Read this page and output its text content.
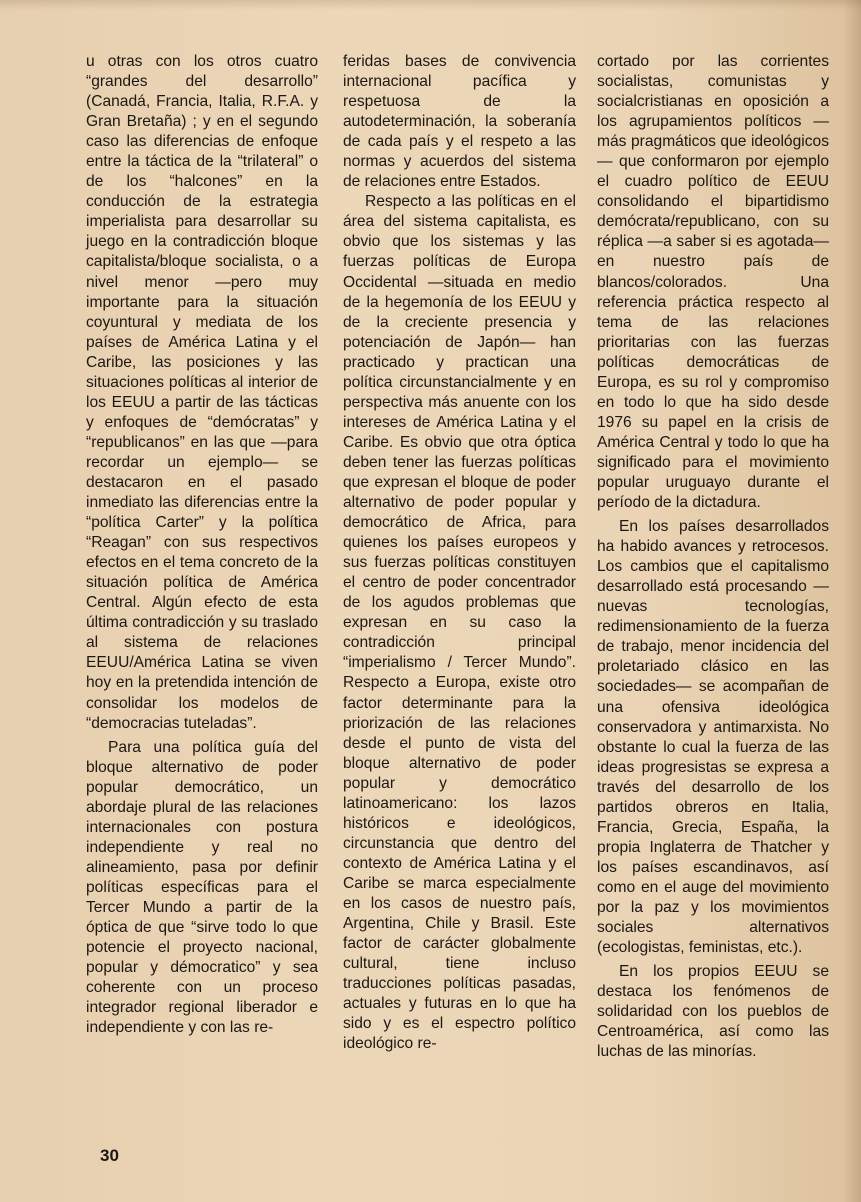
u otras con los otros cuatro “grandes del desarrollo” (Canadá, Francia, Italia, R.F.A. y Gran Bretaña) ; y en el segundo caso las diferencias de enfoque entre la táctica de la “trilateral” o de los “halcones” en la conducción de la estrategia imperialista para desarrollar su juego en la contradicción bloque capitalista/bloque socialista, o a nivel menor —pero muy importante para la situación coyuntural y mediata de los países de América Latina y el Caribe, las posiciones y las situaciones políticas al interior de los EEUU a partir de las tácticas y enfoques de “demócratas” y “republicanos” en las que —para recordar un ejemplo— se destacaron en el pasado inmediato las diferencias entre la “política Carter” y la política “Reagan” con sus respectivos efectos en el tema concreto de la situación política de América Central. Algún efecto de esta última contradicción y su traslado al sistema de relaciones EEUU/América Latina se viven hoy en la pretendida intención de consolidar los modelos de “democracias tuteladas”.

Para una política guía del bloque alternativo de poder popular democrático, un abordaje plural de las relaciones internacionales con postura independiente y real no alineamiento, pasa por definir políticas específicas para el Tercer Mundo a partir de la óptica de que “sirve todo lo que potencie el proyecto nacional, popular y démocratico” y sea coherente con un proceso integrador regional liberador e independiente y con las re-

feridas bases de convivencia internacional pacífica y respetuosa de la autodeterminación, la soberanía de cada país y el respeto a las normas y acuerdos del sistema de relaciones entre Estados.

Respecto a las políticas en el área del sistema capitalista, es obvio que los sistemas y las fuerzas políticas de Europa Occidental —situada en medio de la hegemonía de los EEUU y de la creciente presencia y potenciación de Japón— han practicado y practican una política circunstancialmente y en perspectiva más anuente con los intereses de América Latina y el Caribe. Es obvio que otra óptica deben tener las fuerzas políticas que expresan el bloque de poder alternativo de poder popular y democrático de Africa, para quienes los países europeos y sus fuerzas políticas constituyen el centro de poder concentrador de los agudos problemas que expresan en su caso la contradicción principal “imperialismo / Tercer Mundo”. Respecto a Europa, existe otro factor determinante para la priorización de las relaciones desde el punto de vista del bloque alternativo de poder popular y democrático latinoamericano: los lazos históricos e ideológicos, circunstancia que dentro del contexto de América Latina y el Caribe se marca especialmente en los casos de nuestro país, Argentina, Chile y Brasil. Este factor de carácter globalmente cultural, tiene incluso traducciones políticas pasadas, actuales y futuras en lo que ha sido y es el espectro político ideológico re-

cortado por las corrientes socialistas, comunistas y socialcristianas en oposición a los agrupamientos políticos —más pragmáticos que ideológicos— que conformaron por ejemplo el cuadro político de EEUU consolidando el bipartidismo demócrata/republicano, con su réplica —a saber si es agotada— en nuestro país de blancos/colorados. Una referencia práctica respecto al tema de las relaciones prioritarias con las fuerzas políticas democráticas de Europa, es su rol y compromiso en todo lo que ha sido desde 1976 su papel en la crisis de América Central y todo lo que ha significado para el movimiento popular uruguayo durante el período de la dictadura.

En los países desarrollados ha habido avances y retrocesos. Los cambios que el capitalismo desarrollado está procesando —nuevas tecnologías, redimensionamiento de la fuerza de trabajo, menor incidencia del proletariado clásico en las sociedades— se acompañan de una ofensiva ideológica conservadora y antimarxista. No obstante lo cual la fuerza de las ideas progresistas se expresa a través del desarrollo de los partidos obreros en Italia, Francia, Grecia, España, la propia Inglaterra de Thatcher y los países escandinavos, así como en el auge del movimiento por la paz y los movimientos sociales alternativos (ecologistas, feministas, etc.).

En los propios EEUU se destaca los fenómenos de solidaridad con los pueblos de Centroamérica, así como las luchas de las minorías.

30
